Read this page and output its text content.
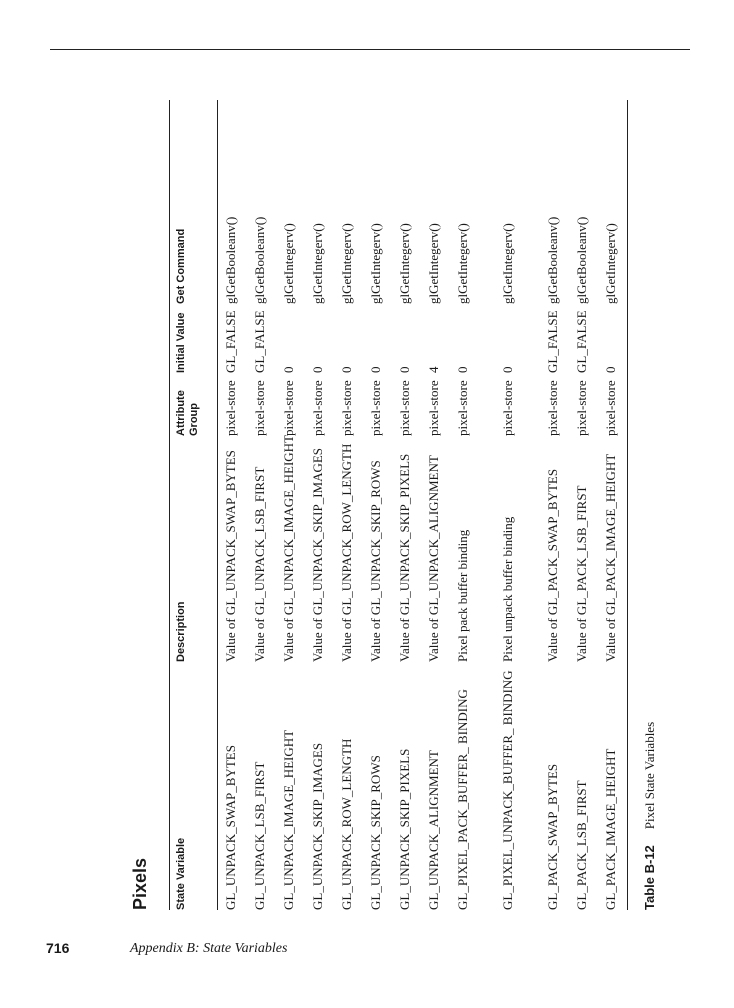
Pixels State Variable
Description
Attribute Group
Initial Value
Get Command
GL_UNPACK_SWAP_BYTES
Value of GL_UNPACK_SWAP_BYTES
pixel-store
GL_FALSE
glGetBooleanv()
GL_UNPACK_LSB_FIRST
Value of GL_UNPACK_LSB_FIRST
pixel-store
GL_FALSE
glGetBooleanv()
GL_UNPACK_IMAGE_HEIGHT
Value of GL_UNPACK_IMAGE_HEIGHT
pixel-store
0
glGetIntegerv()
GL_UNPACK_SKIP_IMAGES
Value of GL_UNPACK_SKIP_IMAGES
pixel-store
0
glGetIntegerv()
GL_UNPACK_ROW_LENGTH
Value of GL_UNPACK_ROW_LENGTH
pixel-store
0
glGetIntegerv()
GL_UNPACK_SKIP_ROWS
Value of GL_UNPACK_SKIP_ROWS
pixel-store
0
glGetIntegerv()
GL_UNPACK_SKIP_PIXELS
Value of GL_UNPACK_SKIP_PIXELS
pixel-store
0
glGetIntegerv()
GL_UNPACK_ALIGNMENT
Value of GL_UNPACK_ALIGNMENT
pixel-store
4
glGetIntegerv()
GL_PIXEL_PACK_BUFFER_ BINDING
Pixel pack buffer binding
pixel-store
0
glGetIntegerv()
GL_PIXEL_UNPACK_BUFFER_ BINDING
Pixel unpack buffer binding
pixel-store
0
glGetIntegerv()
GL_PACK_SWAP_BYTES
Value of GL_PACK_SWAP_BYTES
pixel-store
GL_FALSE
glGetBooleanv()
GL_PACK_LSB_FIRST
Value of GL_PACK_LSB_FIRST
pixel-store
GL_FALSE
glGetBooleanv()
GL_PACK_IMAGE_HEIGHT
Value of GL_PACK_IMAGE_HEIGHT
pixel-store
0
glGetIntegerv()
Table B-12Pixel State Variables
716	Appendix B: State Variables
